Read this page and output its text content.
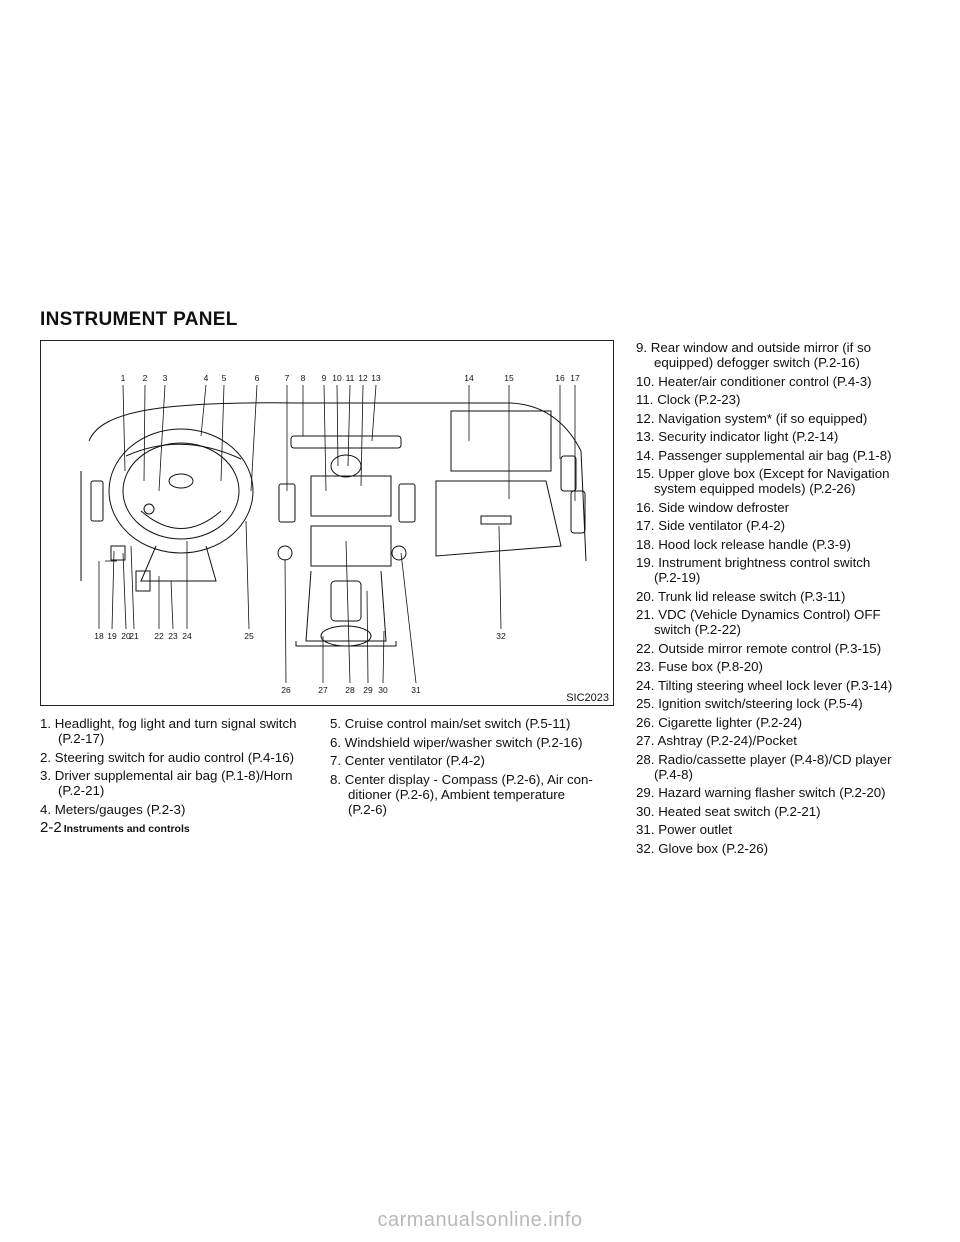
INSTRUMENT PANEL
1 2 3	4 5	6	7 8 9 10 11 12 13	14	15	16 17
18 19 20
21 22 23 24	25
26	27 28 29 30	31
32
SIC2023
1. Headlight, fog light and turn signal switch
(P.2-17)
2. Steering switch for audio control (P.4-16)
3. Driver supplemental air bag (P.1-8)/Horn
(P.2-21)
4. Meters/gauges (P.2-3)
5. Cruise control main/set switch (P.5-11)
6. Windshield wiper/washer switch (P.2-16)
7. Center ventilator (P.4-2)
8. Center display - Compass (P.2-6), Air con-
ditioner (P.2-6), Ambient temperature
(P.2-6)
9. Rear window and outside mirror (if so
equipped) defogger switch (P.2-16)
10. Heater/air conditioner control (P.4-3)
11. Clock (P.2-23)
12. Navigation system* (if so equipped)
13. Security indicator light (P.2-14)
14. Passenger supplemental air bag (P.1-8)
15. Upper glove box (Except for Navigation
system equipped models) (P.2-26)
16. Side window defroster
17. Side ventilator (P.4-2)
18. Hood lock release handle (P.3-9)
19. Instrument brightness control switch
(P.2-19)
20. Trunk lid release switch (P.3-11)
21. VDC (Vehicle Dynamics Control) OFF
switch (P.2-22)
22. Outside mirror remote control (P.3-15)
23. Fuse box (P.8-20)
24. Tilting steering wheel lock lever (P.3-14)
25. Ignition switch/steering lock (P.5-4)
26. Cigarette lighter (P.2-24)
27. Ashtray (P.2-24)/Pocket
28. Radio/cassette player (P.4-8)/CD player
(P.4-8)
29. Hazard warning flasher switch (P.2-20)
30. Heated seat switch (P.2-21)
31. Power outlet
32. Glove box (P.2-26)
2-2 Instruments and controls
carmanualsonline.info
